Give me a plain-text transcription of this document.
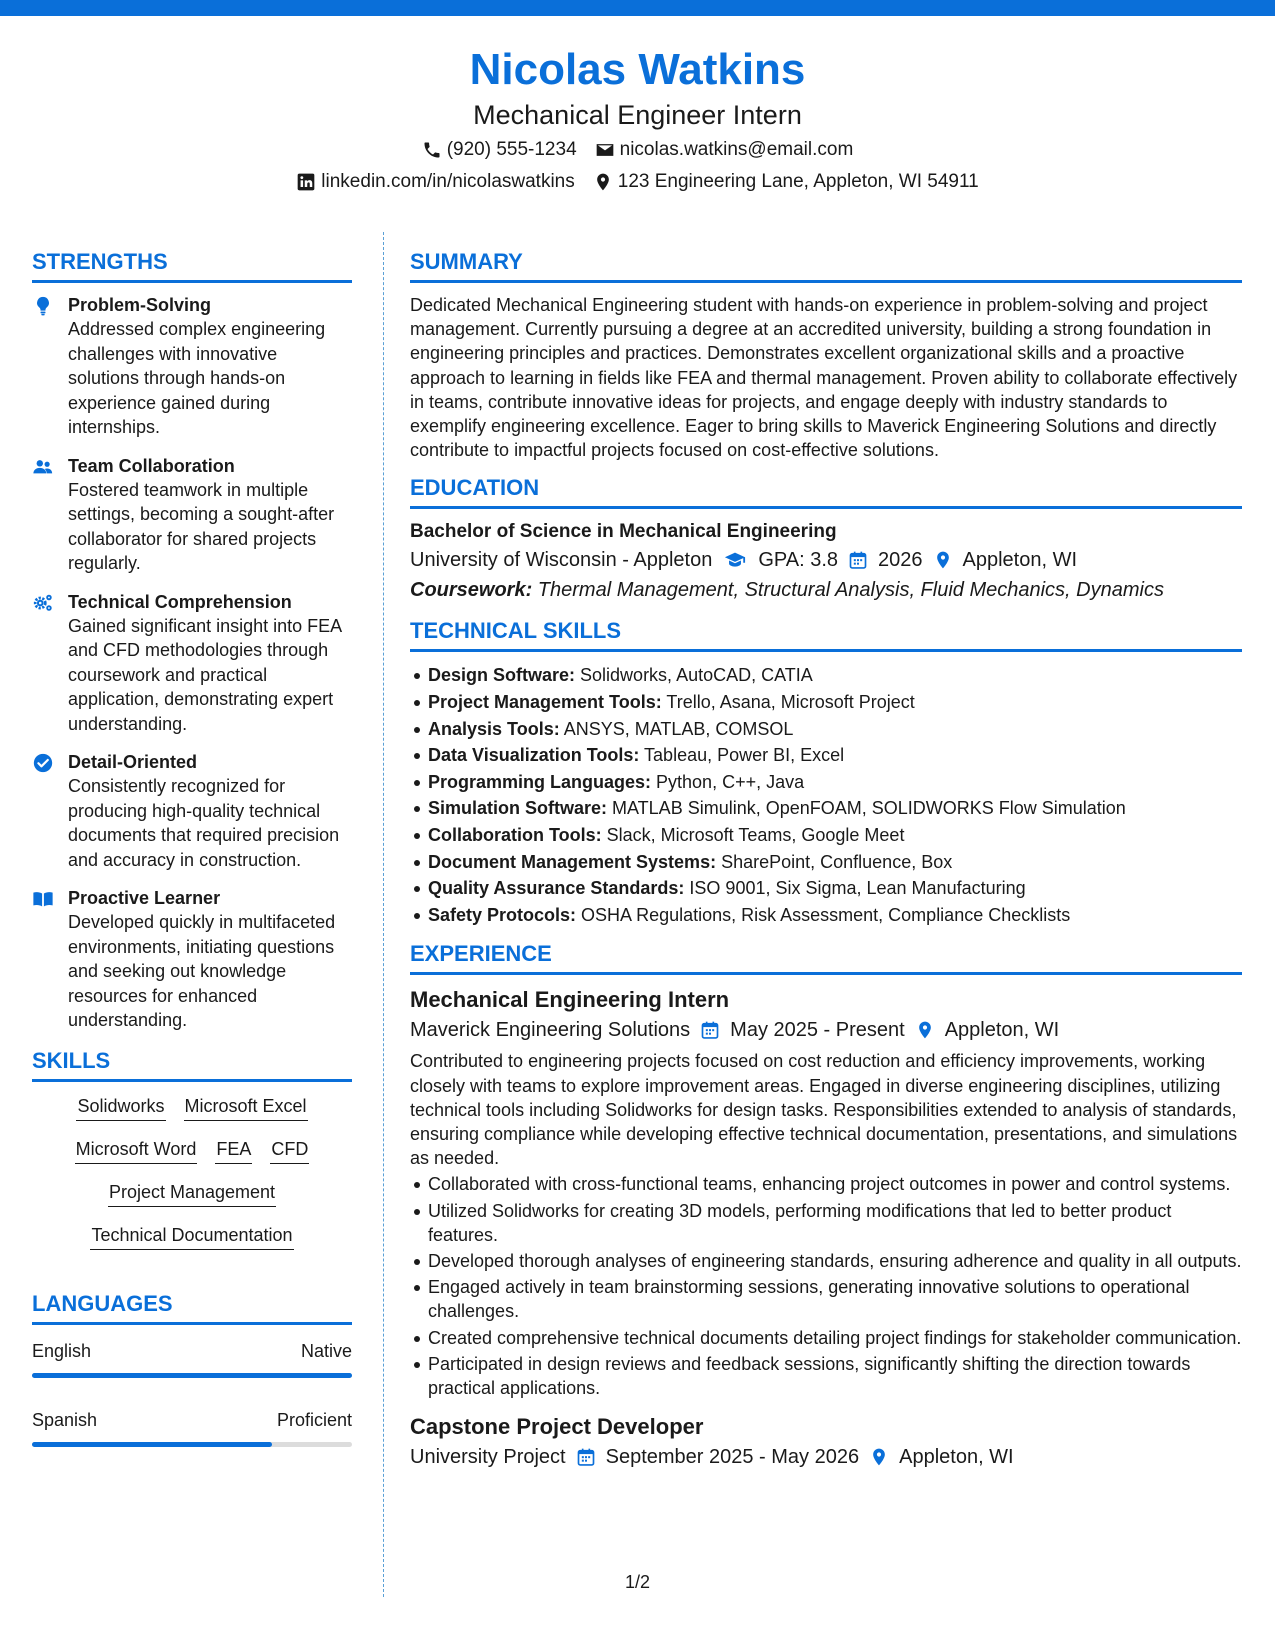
Nicolas Watkins
Mechanical Engineer Intern
(920) 555-1234 nicolas.watkins@email.com
linkedin.com/in/nicolaswatkins 123 Engineering Lane, Appleton, WI 54911
STRENGTHS
Problem-Solving
Addressed complex engineering challenges with innovative solutions through hands-on experience gained during internships.
Team Collaboration
Fostered teamwork in multiple settings, becoming a sought-after collaborator for shared projects regularly.
Technical Comprehension
Gained significant insight into FEA and CFD methodologies through coursework and practical application, demonstrating expert understanding.
Detail-Oriented
Consistently recognized for producing high-quality technical documents that required precision and accuracy in construction.
Proactive Learner
Developed quickly in multifaceted environments, initiating questions and seeking out knowledge resources for enhanced understanding.
SKILLS
Solidworks Microsoft Excel
Microsoft Word FEA CFD
Project Management
Technical Documentation
LANGUAGES
English	Native
Spanish	Proficient
SUMMARY

Dedicated Mechanical Engineering student with hands-on experience in problem-solving and project management. Currently pursuing a degree at an accredited university, building a strong foundation in engineering principles and practices. Demonstrates excellent organizational skills and a proactive approach to learning in fields like FEA and thermal management. Proven ability to collaborate effectively in teams, contribute innovative ideas for projects, and engage deeply with industry standards to exemplify engineering excellence. Eager to bring skills to Maverick Engineering Solutions and directly contribute to impactful projects focused on cost-effective solutions.

EDUCATION
Bachelor of Science in Mechanical Engineering
University of Wisconsin - Appleton GPA: 3.8 2026 Appleton, WI
Coursework: Thermal Management, Structural Analysis, Fluid Mechanics, Dynamics
TECHNICAL SKILLS
Design Software: Solidworks, AutoCAD, CATIA
Project Management Tools: Trello, Asana, Microsoft Project
Analysis Tools: ANSYS, MATLAB, COMSOL
Data Visualization Tools: Tableau, Power BI, Excel
Programming Languages: Python, C++, Java
Simulation Software: MATLAB Simulink, OpenFOAM, SOLIDWORKS Flow Simulation
Collaboration Tools: Slack, Microsoft Teams, Google Meet
Document Management Systems: SharePoint, Confluence, Box
Quality Assurance Standards: ISO 9001, Six Sigma, Lean Manufacturing
Safety Protocols: OSHA Regulations, Risk Assessment, Compliance Checklists
EXPERIENCE
Mechanical Engineering Intern
Maverick Engineering Solutions May 2025 - Present Appleton, WI

Contributed to engineering projects focused on cost reduction and efficiency improvements, working closely with teams to explore improvement areas. Engaged in diverse engineering disciplines, utilizing technical tools including Solidworks for design tasks. Responsibilities extended to analysis of standards, ensuring compliance while developing effective technical documentation, presentations, and simulations as needed.

Collaborated with cross-functional teams, enhancing project outcomes in power and control systems.
Utilized Solidworks for creating 3D models, performing modifications that led to better product features.
Developed thorough analyses of engineering standards, ensuring adherence and quality in all outputs.
Engaged actively in team brainstorming sessions, generating innovative solutions to operational challenges.
Created comprehensive technical documents detailing project findings for stakeholder communication.
Participated in design reviews and feedback sessions, significantly shifting the direction towards practical applications.
Capstone Project Developer
University Project September 2025 - May 2026 Appleton, WI
1/2
